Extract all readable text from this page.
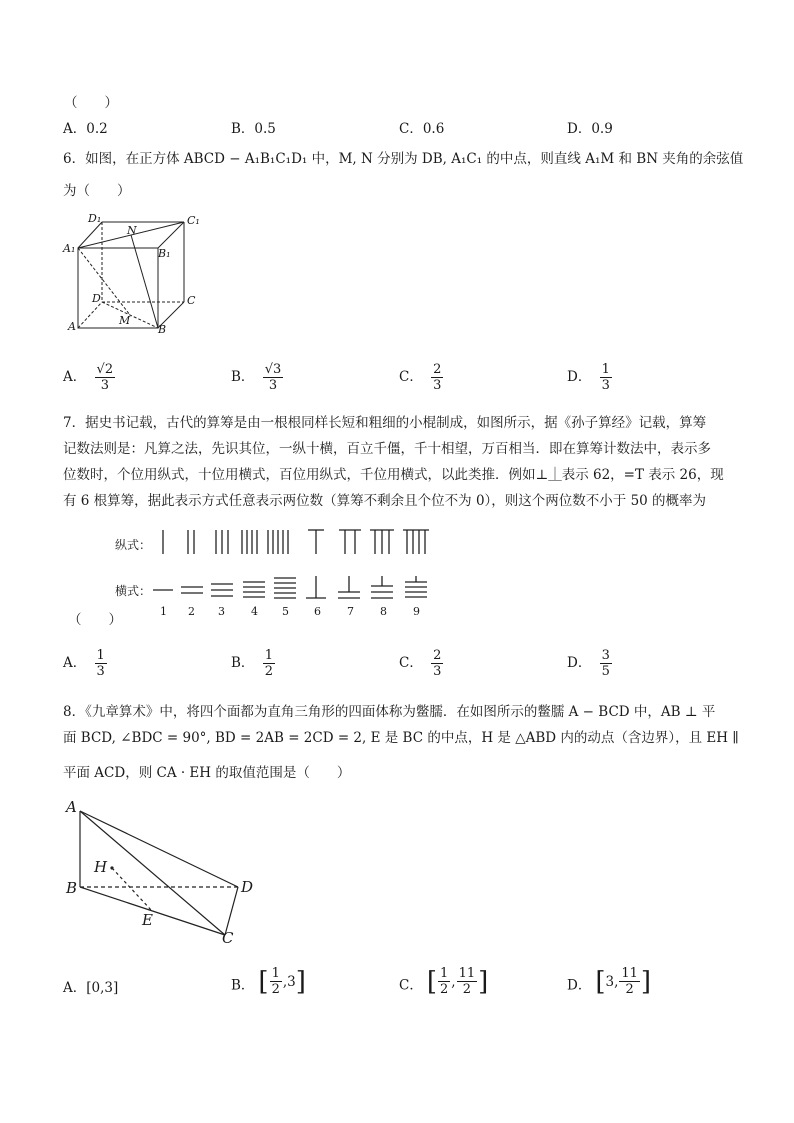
（　　）
A．0.2	B．0.5	C．0.6	D．0.9
6．如图，在正方体 ABCD − A₁B₁C₁D₁ 中，M, N 分别为 DB, A₁C₁ 的中点，则直线 A₁M 和 BN 夹角的余弦值
为（　　）
D₁	C₁
A₁	B₁
N
D	C
A	M
B
A． $\frac{√2}{3}$	B． $\frac{√3}{3}$	C． $\frac{2}{3}$	D． $\frac{1}{3}$
7．据史书记载，古代的算筹是由一根根同样长短和粗细的小棍制成，如图所示，据《孙子算经》记载，算筹
记数法则是：凡算之法，先识其位，一纵十横，百立千僵，千十相望，万百相当．即在算筹计数法中，表示多
位数时，个位用纵式，十位用横式，百位用纵式，千位用横式，以此类推．例如⊥⏊表示 62，=T 表示 26，现
有 6 根算筹，据此表示方式任意表示两位数（算筹不剩余且个位不为 0），则这个两位数不小于 50 的概率为
纵式：
横式：
1 2 3 4 5 6 7 8 9
（　　）
A． $\frac{1}{3}$	B． $\frac{1}{2}$	C． $\frac{2}{3}$	D． $\frac{3}{5}$
8．《九章算术》中，将四个面都为直角三角形的四面体称为鳖臑．在如图所示的鳖臑 A − BCD 中，AB ⊥ 平
面 BCD, ∠BDC = 90°, BD = 2AB = 2CD = 2, E 是 BC 的中点，H 是 △ABD 内的动点（含边界），且 EH ∥
平面 ACD，则 CA · EH 的取值范围是（　　）
A
B
H
D
E
C
A．[0,3]	B． [ $\frac{1}{2}$ , 3 ]	C． [ $\frac{1}{2}$ , $\frac{11}{2}$ ]	D． [ 3 , $\frac{11}{2}$ ]
